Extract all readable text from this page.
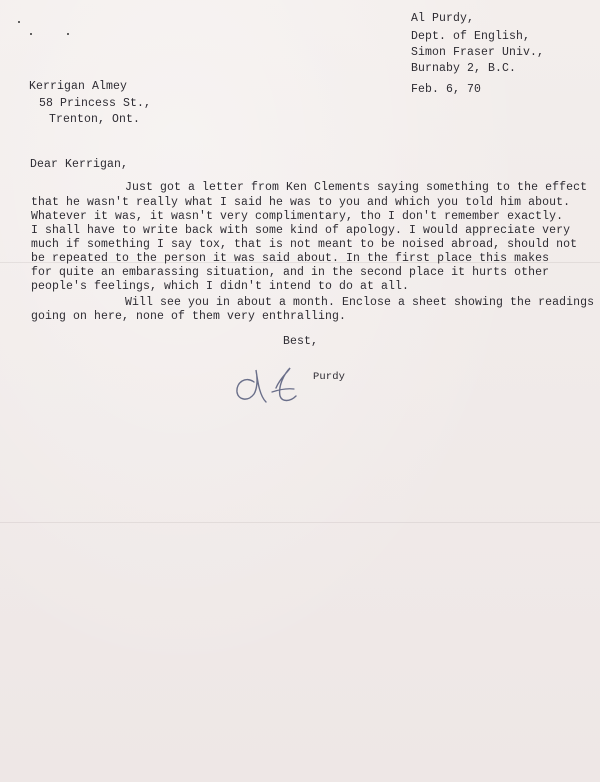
Al Purdy,
Dept. of English,
Simon Fraser Univ.,
Burnaby 2, B.C.
Feb. 6, 70
Kerrigan Almey
58 Princess St.,
Trenton, Ont.
Dear Kerrigan,
Just got a letter from Ken Clements saying something to the effect
that he wasn't really what I said he was to you and which you told him about.
Whatever it was, it wasn't very complimentary, tho I don't remember exactly.
I shall have to write back with some kind of apology. I would appreciate very
much if something I say tox, that is not meant to be noised abroad, should not
be repeated to the person it was said about. In the first place this makes
for quite an embarassing situation, and in the second place it hurts other
people's feelings, which I didn't intend to do at all.
Will see you in about a month. Enclose a sheet showing the readings
going on here, none of them very enthralling.
Best,
Purdy
